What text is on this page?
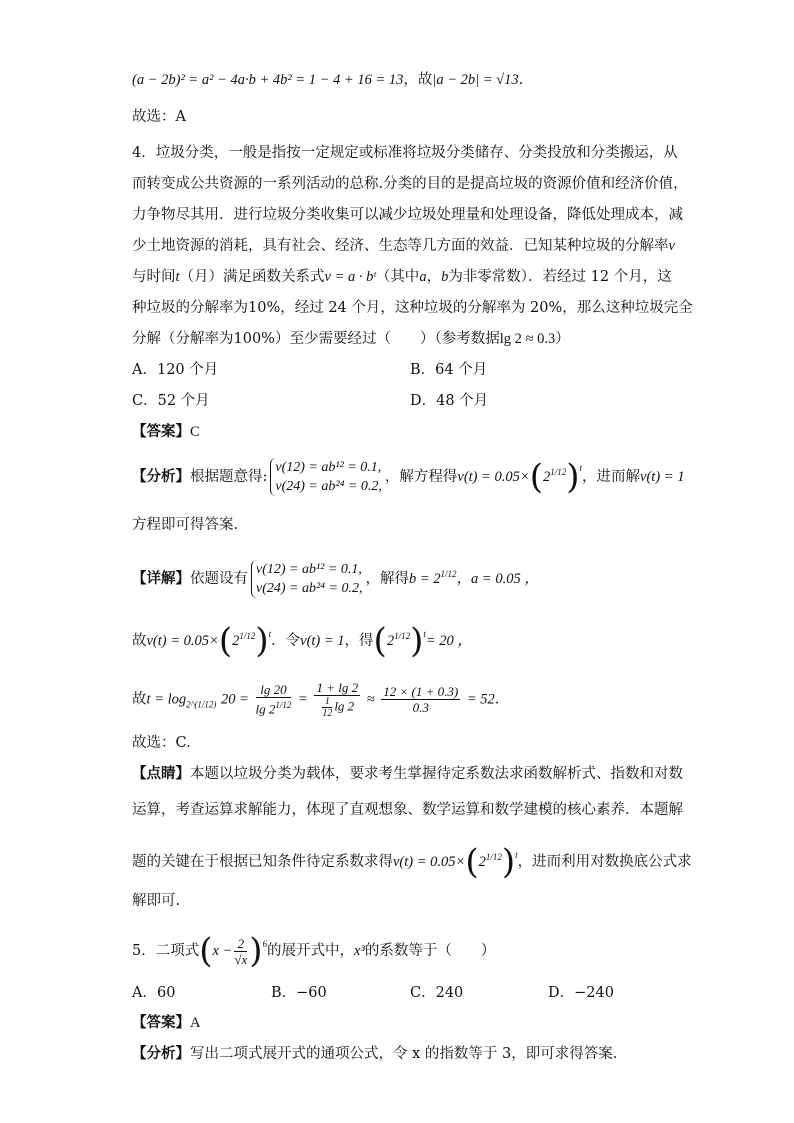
(a − 2b)² = a² − 4a·b + 4b² = 1 − 4 + 16 = 13，故|a − 2b| = √13.
故选：A
4．垃圾分类，一般是指按一定规定或标准将垃圾分类储存、分类投放和分类搬运，从
而转变成公共资源的一系列活动的总称.分类的目的是提高垃圾的资源价值和经济价值，
力争物尽其用．进行垃圾分类收集可以减少垃圾处理量和处理设备，降低处理成本，减
少土地资源的消耗，具有社会、经济、生态等几方面的效益．已知某种垃圾的分解率v
与时间t（月）满足函数关系式v = a · bᵗ（其中a，b为非零常数）．若经过 12 个月，这
种垃圾的分解率为10%，经过 24 个月，这种垃圾的分解率为 20%，那么这种垃圾完全
分解（分解率为100%）至少需要经过（　　）（参考数据lg 2 ≈ 0.3）
A．120 个月	B．64 个月
C．52 个月	D．48 个月
【答案】C
【分析】根据题意得:
v(12) = ab¹² = 0.1,
v(24) = ab²⁴ = 0.2,
，解方程得$v(t) = 0.05\times(2^{1/12})^t$，进而解v(t) = 1
方程即可得答案.
【详解】依题设有
v(12) = ab¹² = 0.1,
v(24) = ab²⁴ = 0.2,
，解得$b = 2^{1/12}$，a = 0.05 ，
故$v(t) = 0.05\times(2^{1/12})^t$．令v(t) = 1，得$(2^{1/12})^t= 20$ ，
故$t = \log_{2\^{}(1/12)} 20 = \frac{\lg 20}{\lg 2^{1/12}} = \frac{1 + \lg 2}{\frac{1}{12} \lg 2} \approx \frac{12 \times (1 + 0.3)}{0.3} = 52$.
故选：C.
【点睛】本题以垃圾分类为载体，要求考生掌握待定系数法求函数解析式、指数和对数
运算，考查运算求解能力，体现了直观想象、数学运算和数学建模的核心素养．本题解
题的关键在于根据已知条件待定系数求得$v(t) = 0.05\times(2^{1/12})^t$，进而利用对数换底公式求
解即可.
5．二项式$(x - \frac{2}{√x} )^6$的展开式中，x³的系数等于（　　）
A．60	B．−60	C．240	D．−240
【答案】A
【分析】写出二项式展开式的通项公式，令 x 的指数等于 3，即可求得答案.
